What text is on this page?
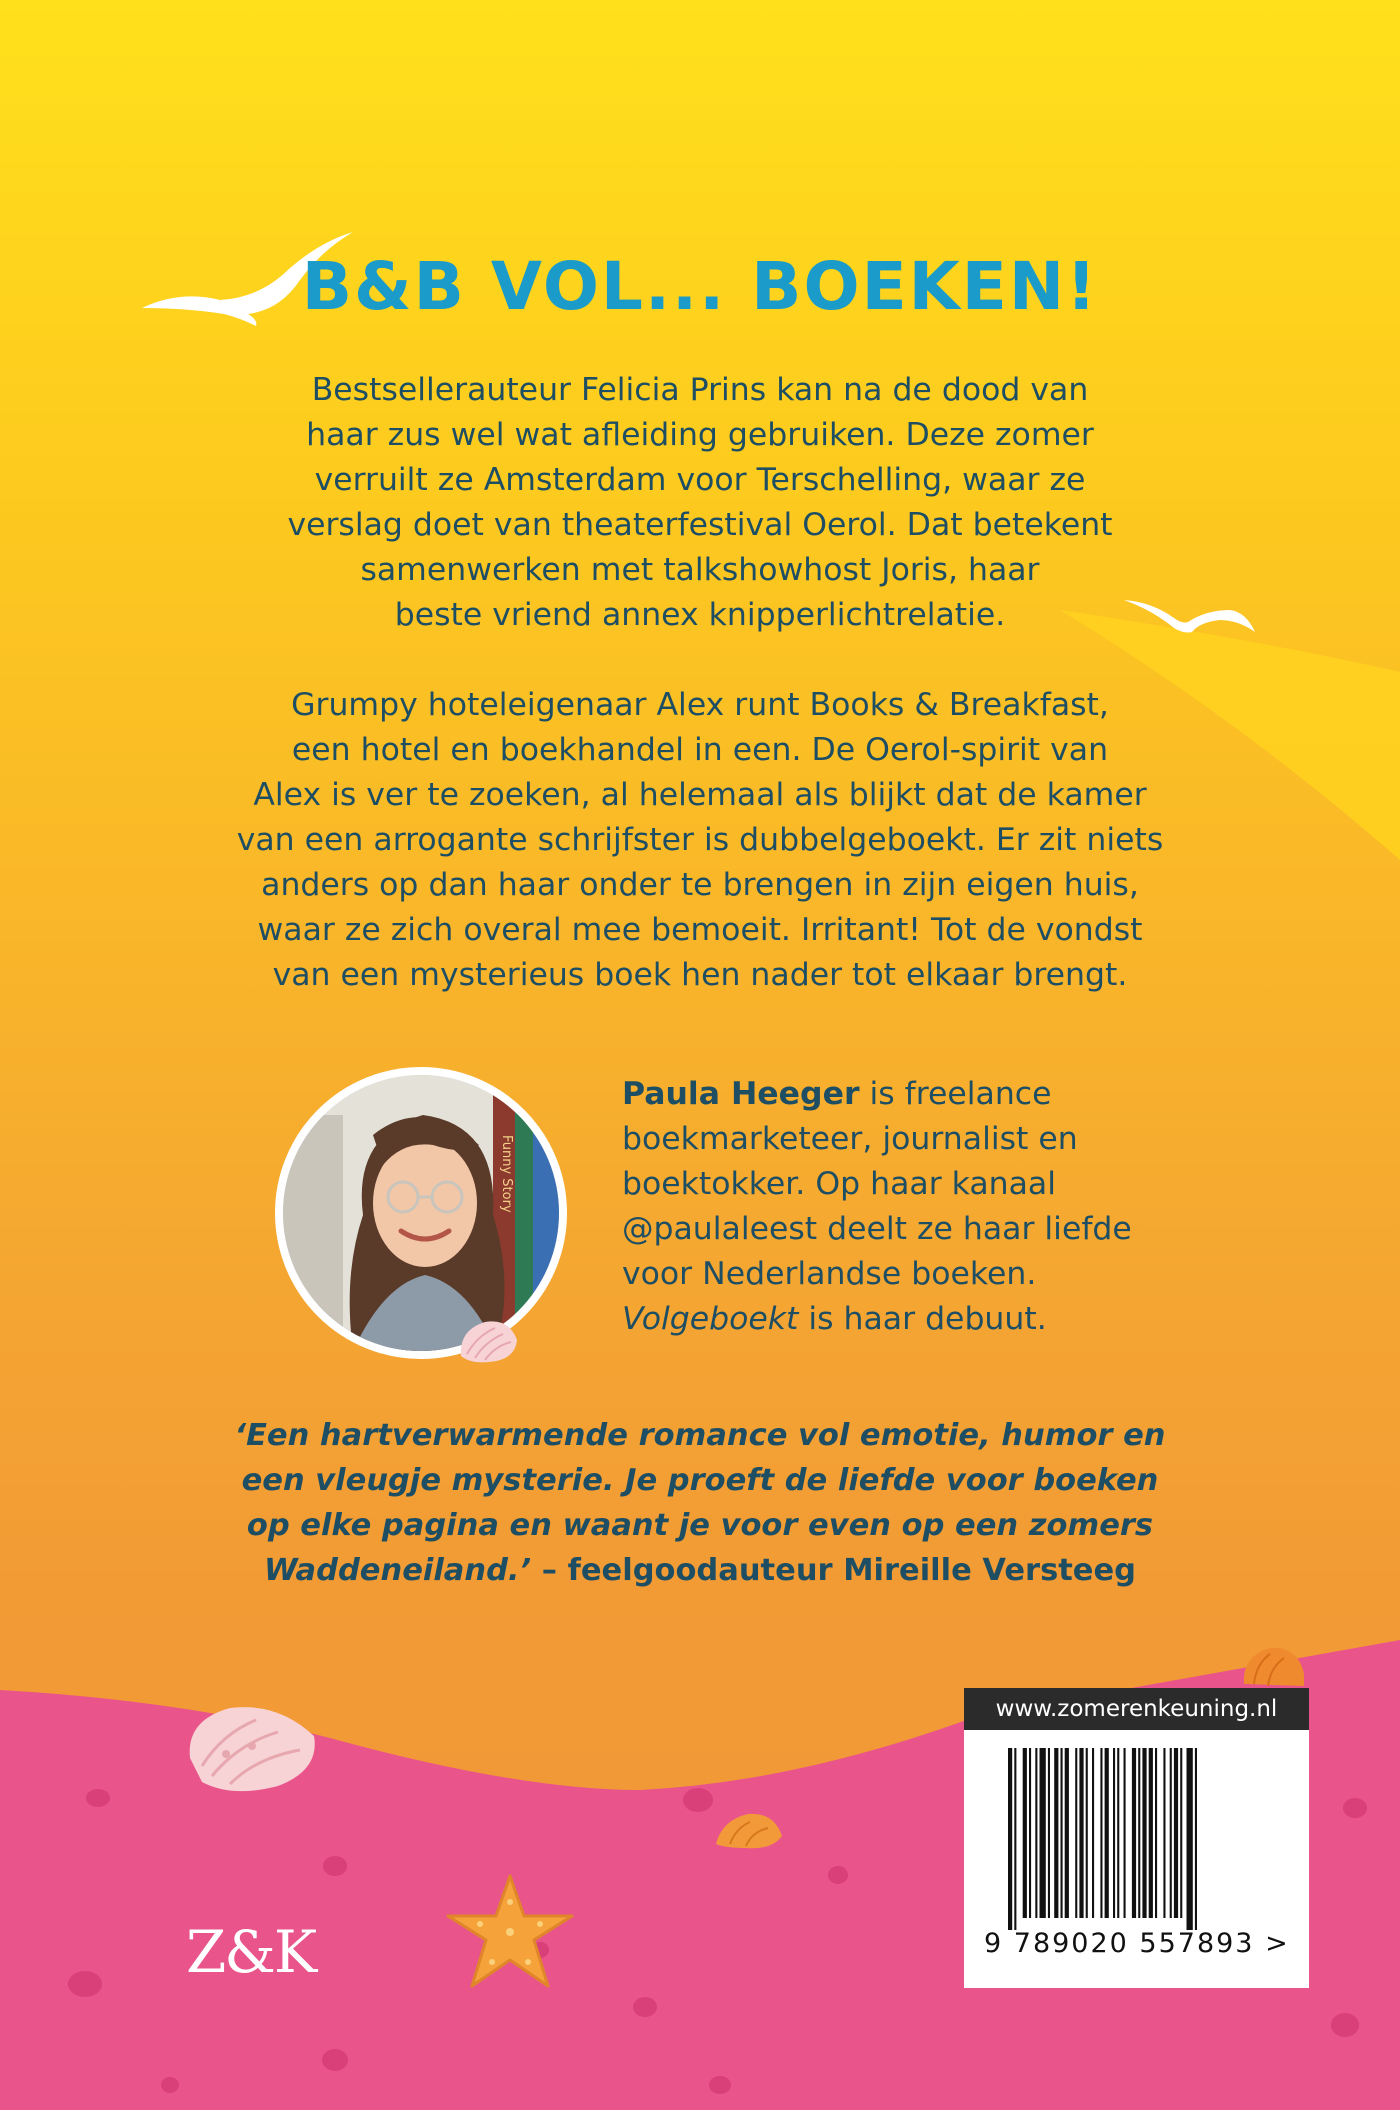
B&B VOL... BOEKEN!
Bestsellerauteur Felicia Prins kan na de dood van
haar zus wel wat afleiding gebruiken. Deze zomer
verruilt ze Amsterdam voor Terschelling, waar ze
verslag doet van theaterfestival Oerol. Dat betekent
samenwerken met talkshowhost Joris, haar
beste vriend annex knipperlichtrelatie.
Grumpy hoteleigenaar Alex runt Books & Breakfast,
een hotel en boekhandel in een. De Oerol-spirit van
Alex is ver te zoeken, al helemaal als blijkt dat de kamer
van een arrogante schrijfster is dubbelgeboekt. Er zit niets
anders op dan haar onder te brengen in zijn eigen huis,
waar ze zich overal mee bemoeit. Irritant! Tot de vondst
van een mysterieus boek hen nader tot elkaar brengt.
Funny Story
Paula Heeger is freelance
boekmarketeer, journalist en
boektokker. Op haar kanaal
@paulaleest deelt ze haar liefde
voor Nederlandse boeken.
Volgeboekt is haar debuut.
‘Een hartverwarmende romance vol emotie, humor en
een vleugje mysterie. Je proeft de liefde voor boeken
op elke pagina en waant je voor even op een zomers
Waddeneiland.’ – feelgoodauteur Mireille Versteeg
Z&K
www.zomerenkeuning.nl
9 789020 557893 >
